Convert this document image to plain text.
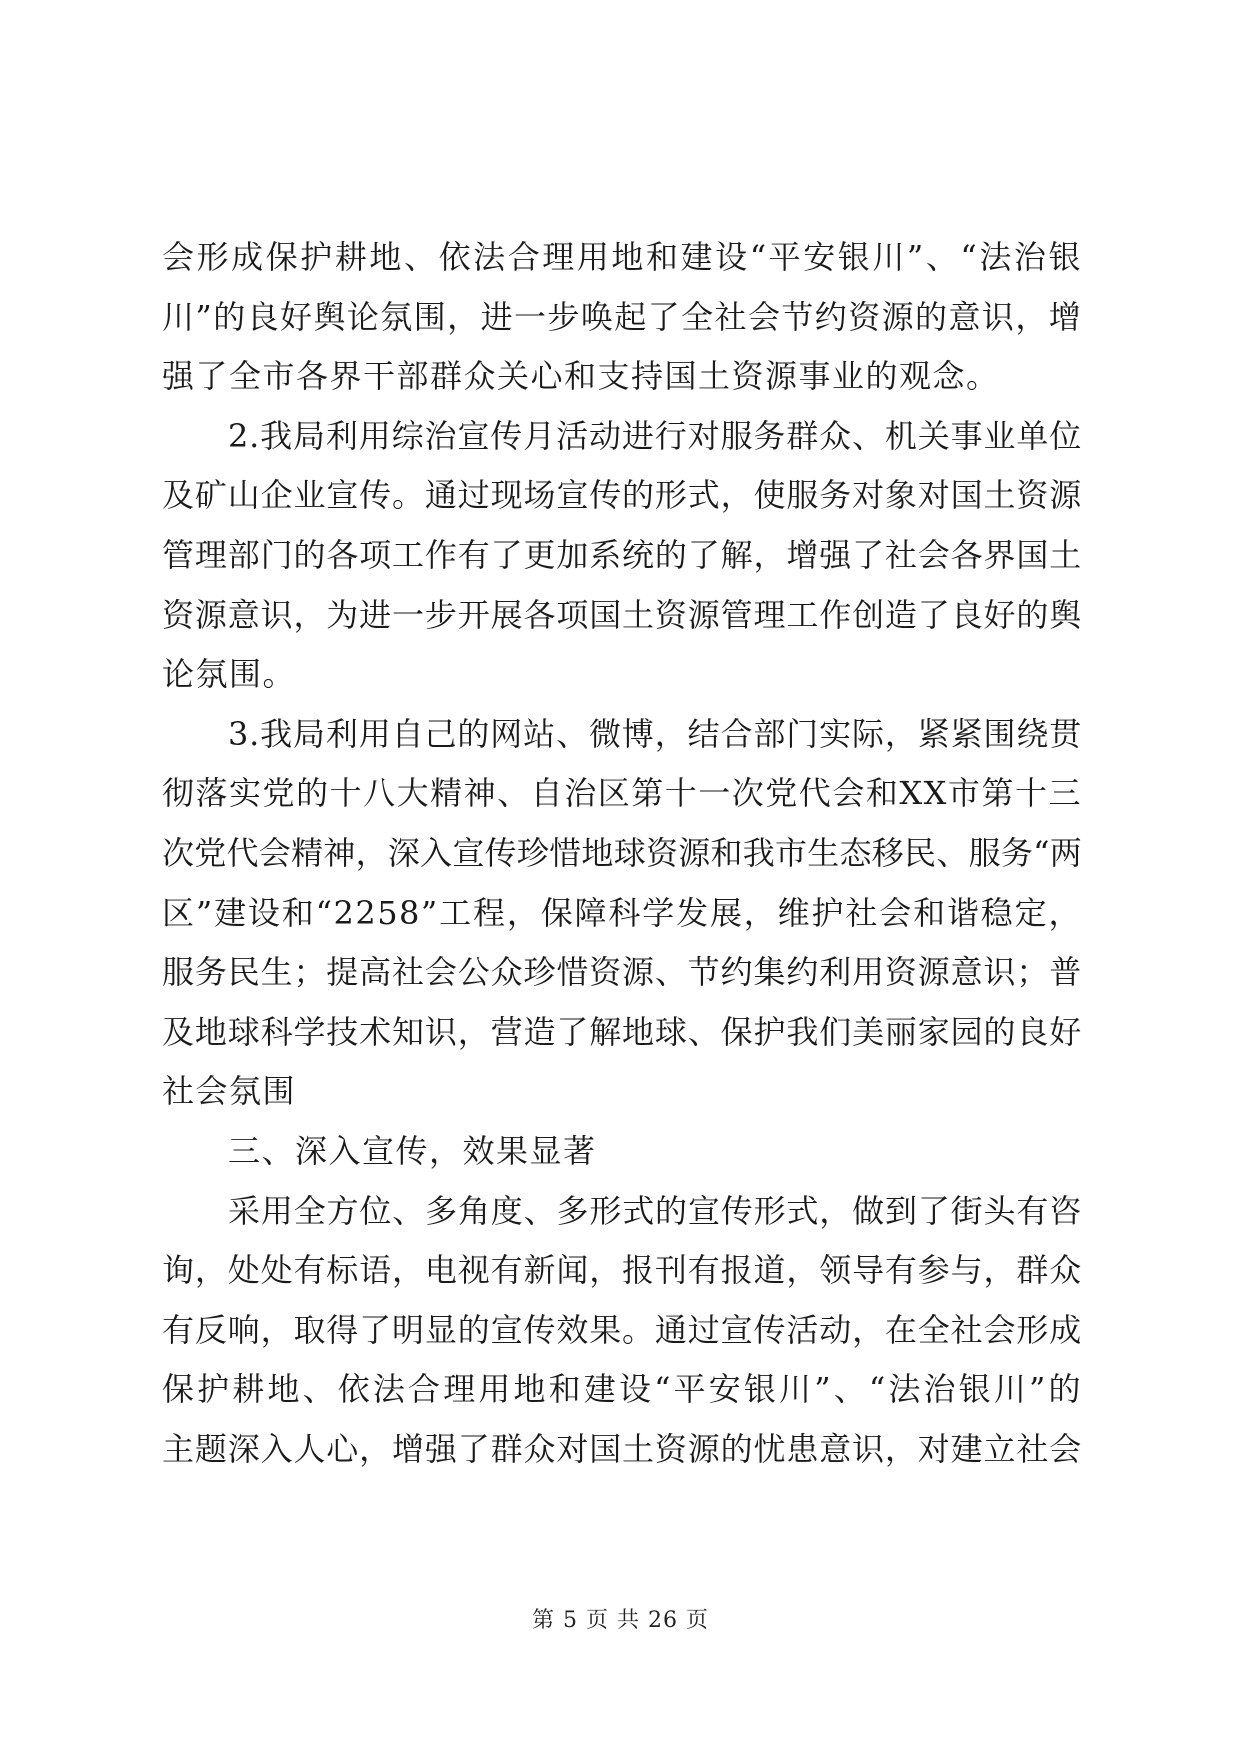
会形成保护耕地、依法合理用地和建设“平安银川”、“法治银
川”的良好舆论氛围，进一步唤起了全社会节约资源的意识，增
强了全市各界干部群众关心和支持国土资源事业的观念。
2.我局利用综治宣传月活动进行对服务群众、机关事业单位
及矿山企业宣传。通过现场宣传的形式，使服务对象对国土资源
管理部门的各项工作有了更加系统的了解，增强了社会各界国土
资源意识，为进一步开展各项国土资源管理工作创造了良好的舆
论氛围。
3.我局利用自己的网站、微博，结合部门实际，紧紧围绕贯
彻落实党的十八大精神、自治区第十一次党代会和XX市第十三
次党代会精神，深入宣传珍惜地球资源和我市生态移民、服务“两
区”建设和“2258”工程，保障科学发展，维护社会和谐稳定，
服务民生；提高社会公众珍惜资源、节约集约利用资源意识；普
及地球科学技术知识，营造了解地球、保护我们美丽家园的良好
社会氛围
三、深入宣传，效果显著
采用全方位、多角度、多形式的宣传形式，做到了街头有咨
询，处处有标语，电视有新闻，报刊有报道，领导有参与，群众
有反响，取得了明显的宣传效果。通过宣传活动，在全社会形成
保护耕地、依法合理用地和建设“平安银川”、“法治银川”的
主题深入人心，增强了群众对国土资源的忧患意识，对建立社会
第 5 页 共 26 页
